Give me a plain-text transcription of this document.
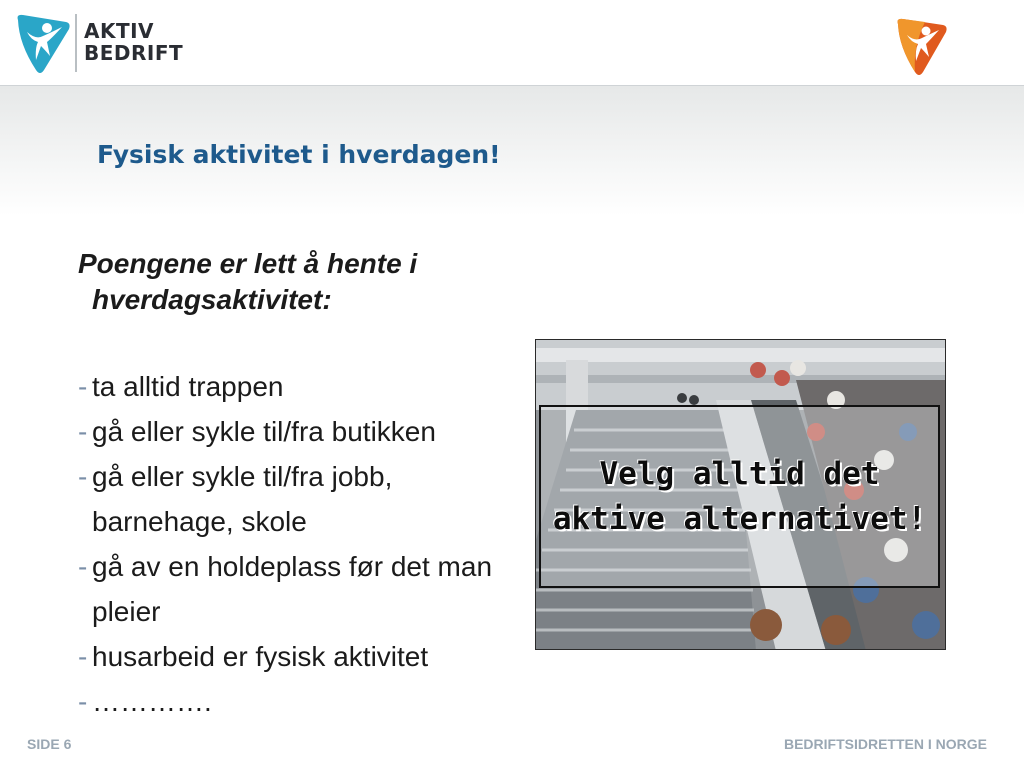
AKTIV
BEDRIFT
Fysisk aktivitet i hverdagen!

Poengene er lett å hente i hverdagsaktivitet:

- ta alltid trappen
- gå eller sykle til/fra butikken
- gå eller sykle til/fra jobb, barnehage, skole
- gå av en holdeplass før det man pleier
- husarbeid er fysisk aktivitet
- ………….

Velg alltid det
aktive alternativet!

SIDE 6	BEDRIFTSIDRETTEN I NORGE
